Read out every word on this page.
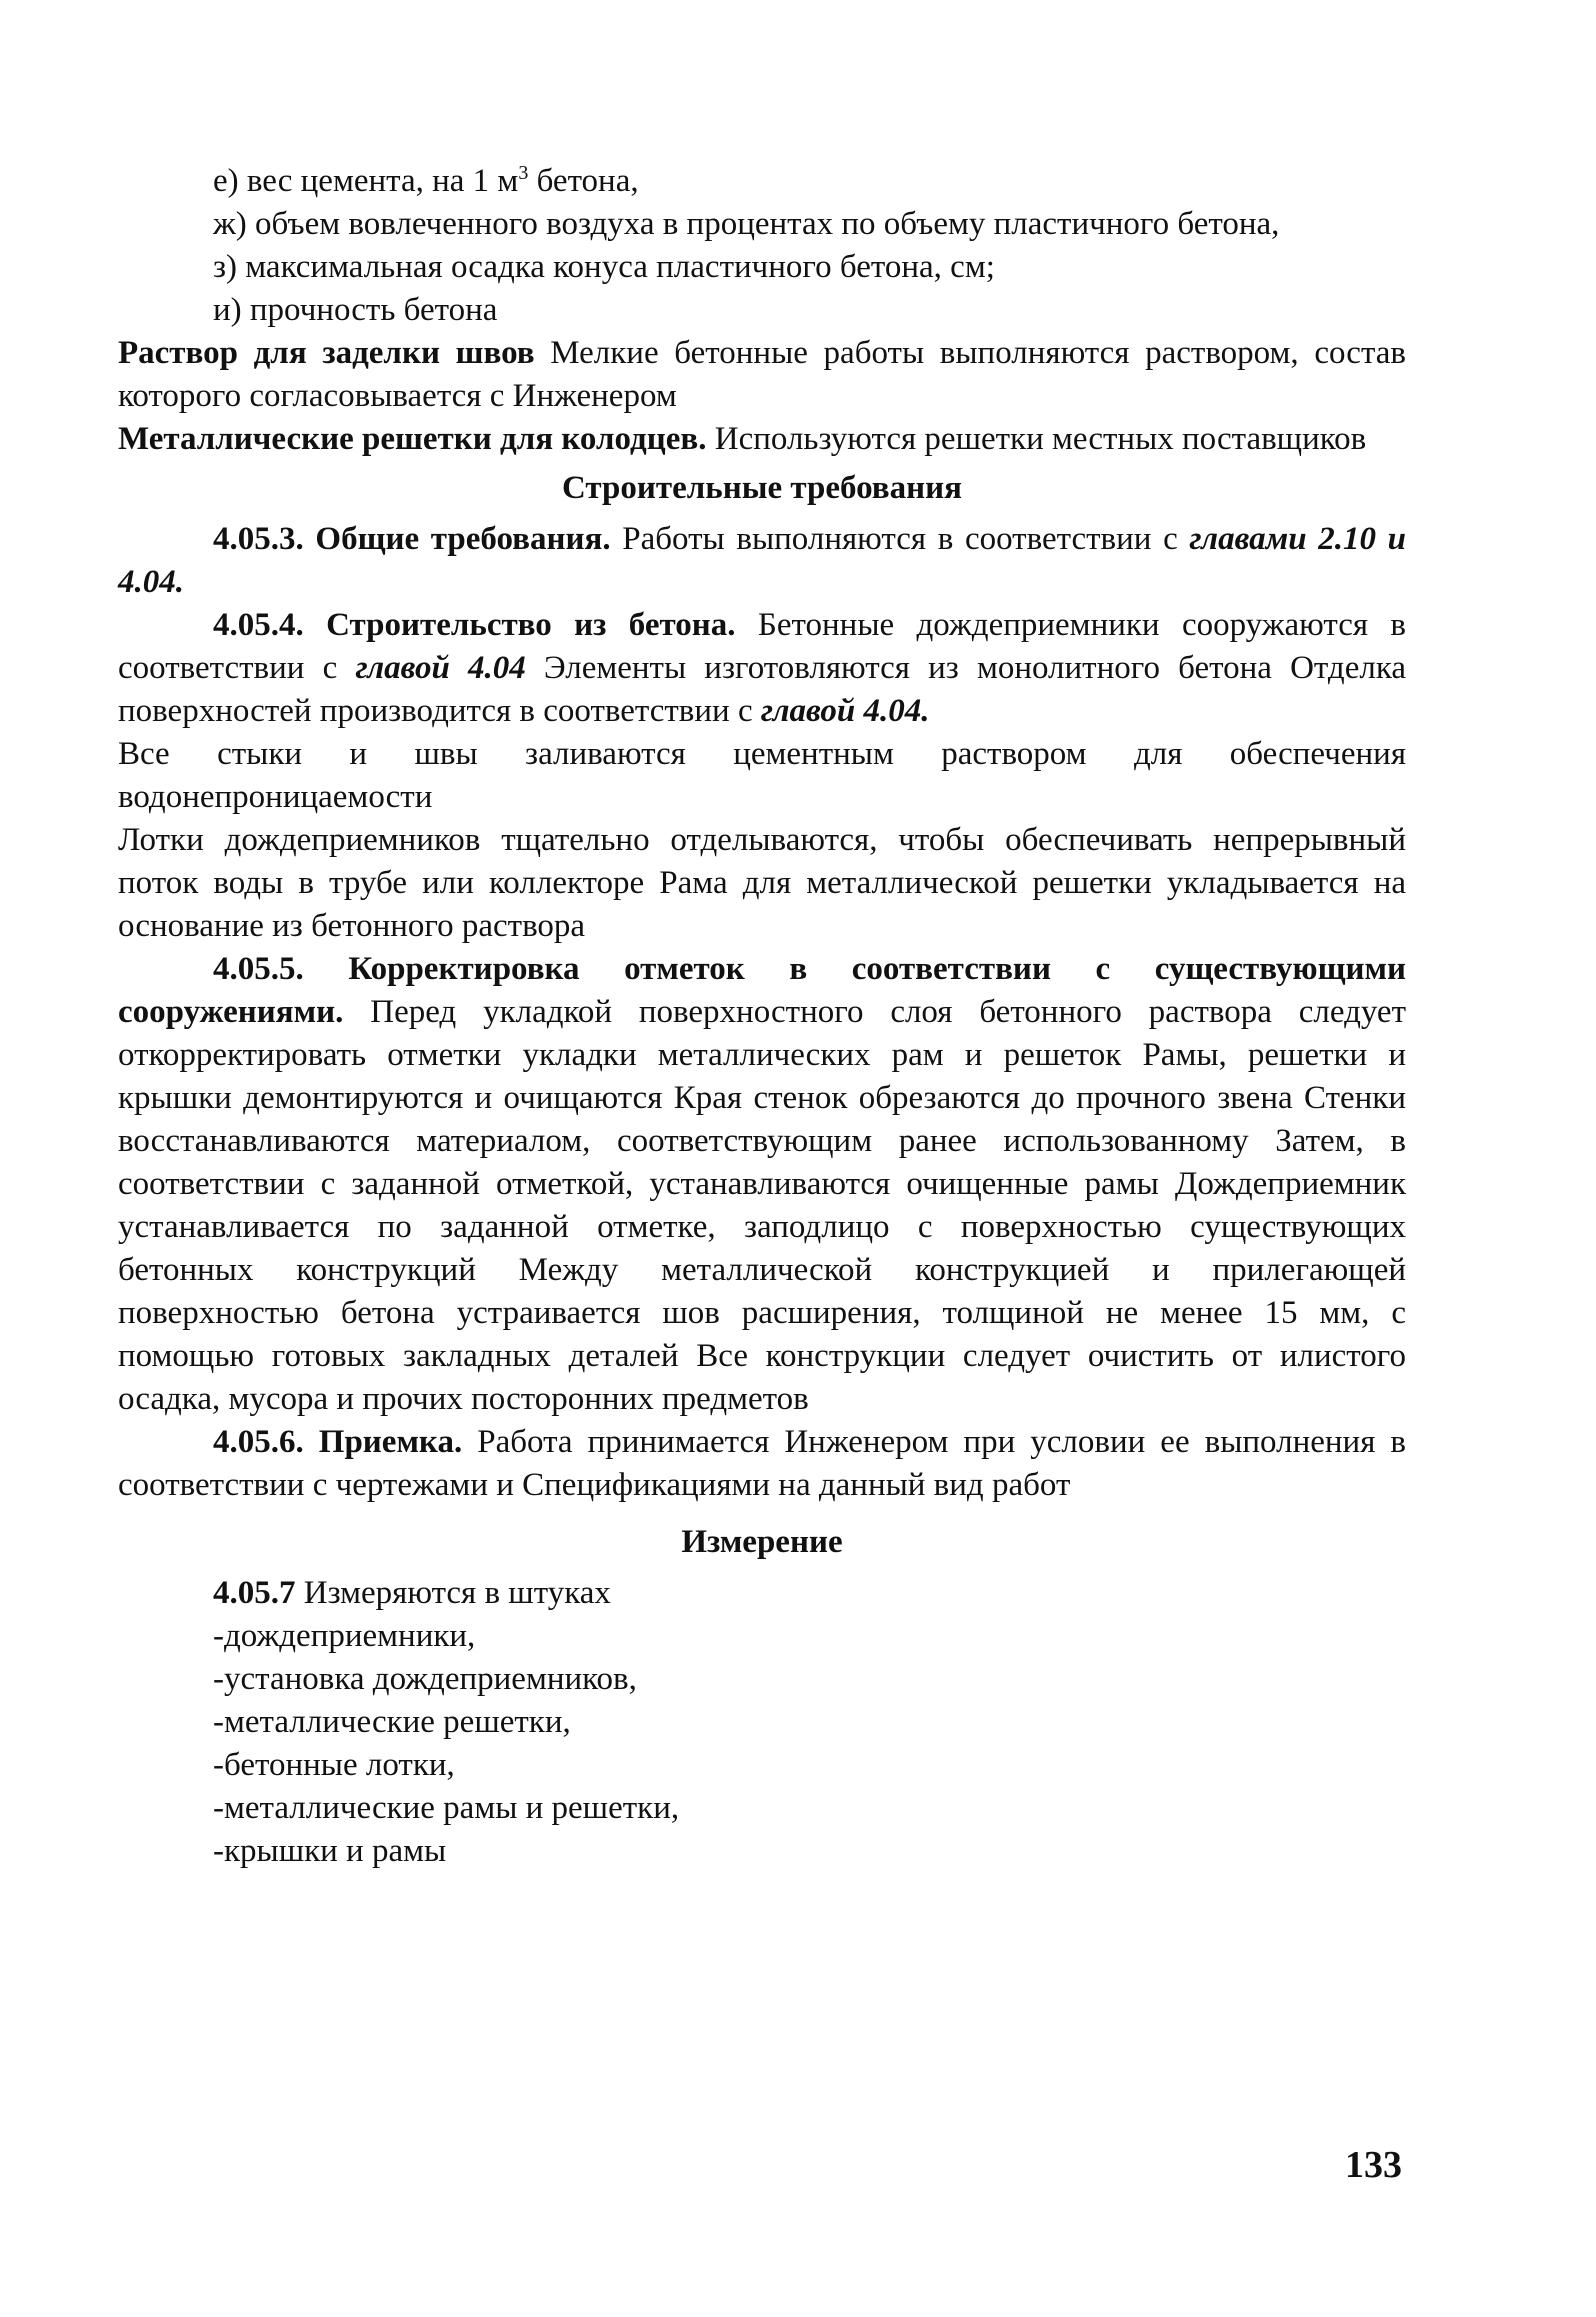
е) вес цемента, на 1 $м^3$ бетона,

ж) объем вовлеченного воздуха в процентах по объему пластичного бетона,

з) максимальная осадка конуса пластичного бетона, см;

и) прочность бетона

Раствор для заделки швов Мелкие бетонные работы выполняются раствором, состав которого согласовывается с Инженером

Металлические решетки для колодцев. Используются решетки местных поставщиков

Строительные требования

4.05.3. Общие требования. Работы выполняются в соответствии с главами 2.10 и 4.04.

4.05.4. Строительство из бетона. Бетонные дождеприемники сооружаются в соответствии с главой 4.04 Элементы изготовляются из монолитного бетона Отделка поверхностей производится в соответствии с главой 4.04.

Все стыки и швы заливаются цементным раствором для обеспечения водонепроницаемости

Лотки дождеприемников тщательно отделываются, чтобы обеспечивать непрерывный поток воды в трубе или коллекторе Рама для металлической решетки укладывается на основание из бетонного раствора

4.05.5. Корректировка отметок в соответствии с существующими сооружениями. Перед укладкой поверхностного слоя бетонного раствора следует откорректировать отметки укладки металлических рам и решеток Рамы, решетки и крышки демонтируются и очищаются Края стенок обрезаются до прочного звена Стенки восстанавливаются материалом, соответствующим ранее использованному Затем, в соответствии с заданной отметкой, устанавливаются очищенные рамы Дождеприемник устанавливается по заданной отметке, заподлицо с поверхностью существующих бетонных конструкций Между металлической конструкцией и прилегающей поверхностью бетона устраивается шов расширения, толщиной не менее 15 мм, с помощью готовых закладных деталей Все конструкции следует очистить от илистого осадка, мусора и прочих посторонних предметов

4.05.6. Приемка. Работа принимается Инженером при условии ее выполнения в соответствии с чертежами и Спецификациями на данный вид работ

Измерение

4.05.7 Измеряются в штуках

-дождеприемники,

-установка дождеприемников,

-металлические решетки,

-бетонные лотки,

-металлические рамы и решетки,

-крышки и рамы

133
